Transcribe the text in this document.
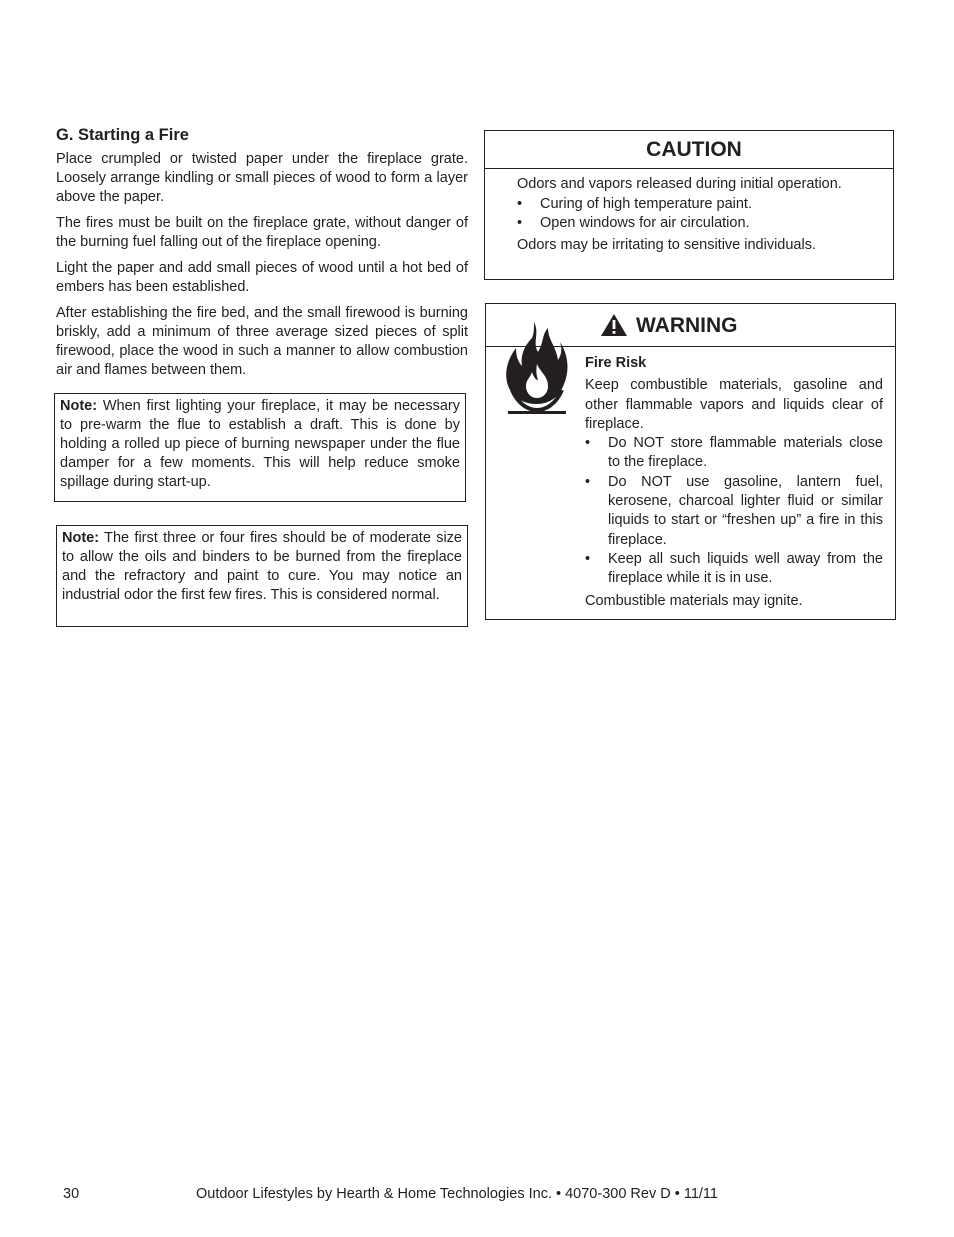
G. Starting a Fire

Place crumpled or twisted paper under the fireplace grate. Loosely arrange kindling or small pieces of wood to form a layer above the paper.

The fires must be built on the fireplace grate, without danger of the burning fuel falling out of the fireplace opening.

Light the paper and add small pieces of wood until a hot bed of embers has been established.

After establishing the fire bed, and the small firewood is burning briskly, add a minimum of three average sized pieces of split firewood, place the wood in such a manner to allow combustion air and flames between them.

Note: When first lighting your fireplace, it may be necessary to pre-warm the flue to establish a draft. This is done by holding a rolled up piece of burning newspaper under the flue damper for a few moments. This will help reduce smoke spillage during start-up.
Note: The first three or four fires should be of moderate size to allow the oils and binders to be burned from the fireplace and the refractory and paint to cure. You may notice an industrial odor the first few fires. This is considered normal.
CAUTION
Odors and vapors released during initial operation.
•	Curing of high temperature paint.
•	Open windows for air circulation.
Odors may be irritating to sensitive individuals.
WARNING
Fire Risk
Keep combustible materials, gasoline and other flammable vapors and liquids clear of fireplace.
•	Do NOT store flammable materials close to the fireplace.
•	Do NOT use gasoline, lantern fuel, kerosene, charcoal lighter fluid or similar liquids to start or “freshen up” a fire in this fireplace.
•	Keep all such liquids well away from the fireplace while it is in use.
Combustible materials may ignite.
30	Outdoor Lifestyles by Hearth & Home Technologies Inc. • 4070-300 Rev D • 11/11
